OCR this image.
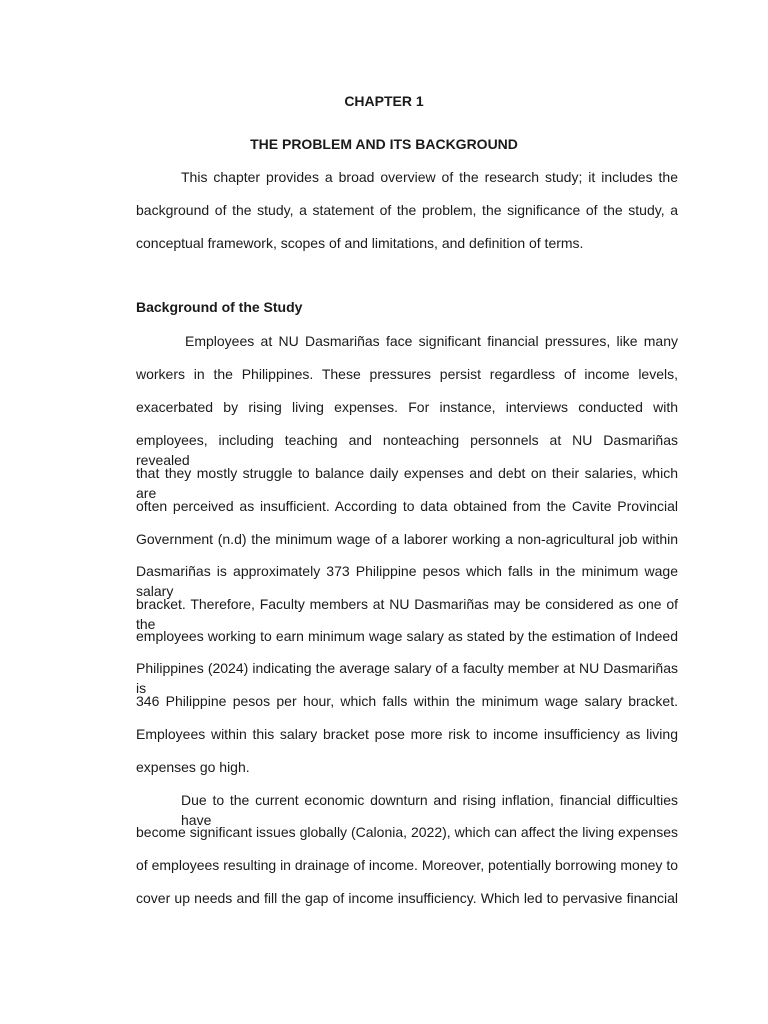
CHAPTER 1
THE PROBLEM AND ITS BACKGROUND
This chapter provides a broad overview of the research study; it includes the
background of the study, a statement of the problem, the significance of the study, a
conceptual framework, scopes of and limitations, and definition of terms.
Background of the Study
Employees at NU Dasmariñas face significant financial pressures, like many
workers in the Philippines. These pressures persist regardless of income levels,
exacerbated by rising living expenses. For instance, interviews conducted with
employees, including teaching and nonteaching personnels at NU Dasmariñas revealed
that they mostly struggle to balance daily expenses and debt on their salaries, which are
often perceived as insufficient. According to data obtained from the Cavite Provincial
Government (n.d) the minimum wage of a laborer working a non-agricultural job within
Dasmariñas is approximately 373 Philippine pesos which falls in the minimum wage salary
bracket. Therefore, Faculty members at NU Dasmariñas may be considered as one of the
employees working to earn minimum wage salary as stated by the estimation of Indeed
Philippines (2024) indicating the average salary of a faculty member at NU Dasmariñas is
346 Philippine pesos per hour, which falls within the minimum wage salary bracket.
Employees within this salary bracket pose more risk to income insufficiency as living
expenses go high.
Due to the current economic downturn and rising inflation, financial difficulties have
become significant issues globally (Calonia, 2022), which can affect the living expenses
of employees resulting in drainage of income. Moreover, potentially borrowing money to
cover up needs and fill the gap of income insufficiency. Which led to pervasive financial
